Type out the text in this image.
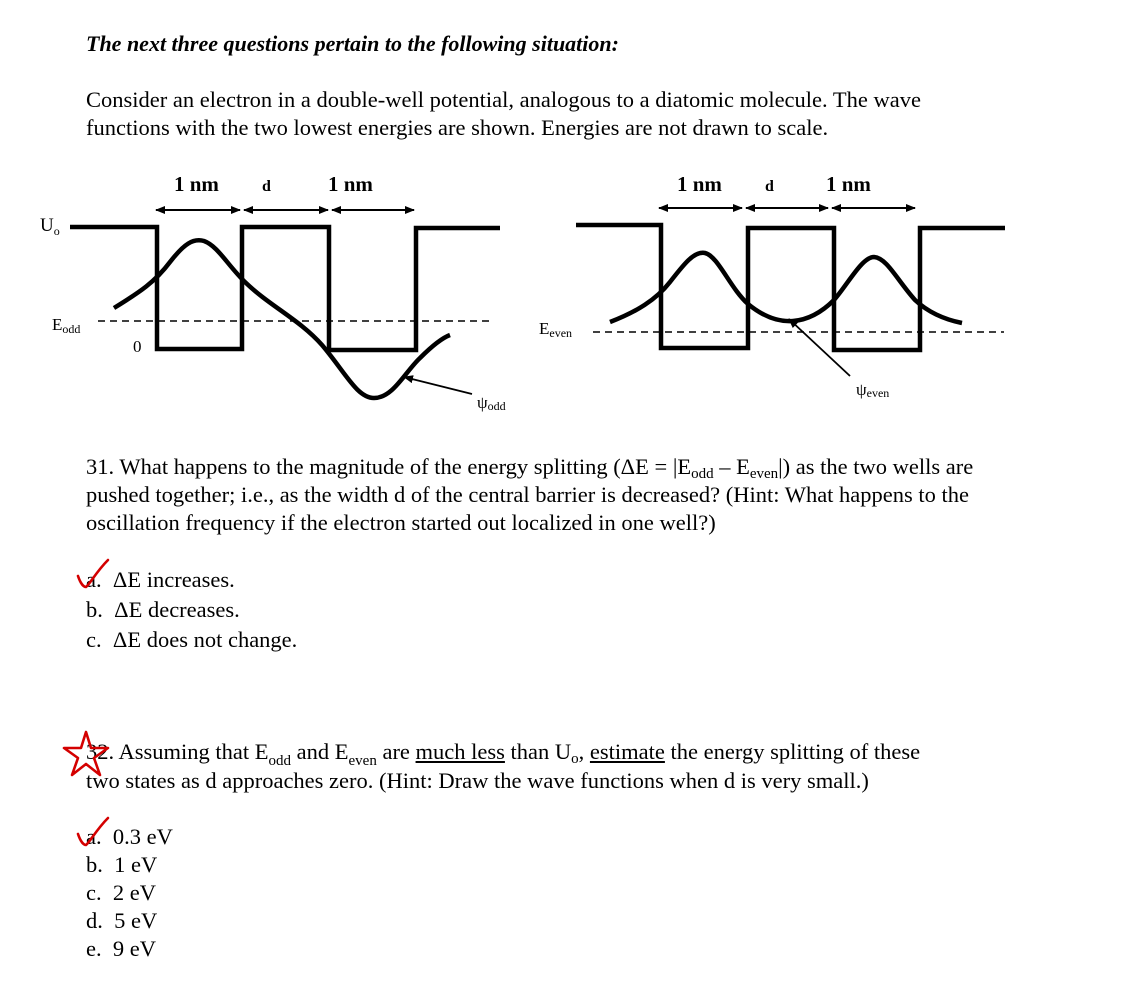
The next three questions pertain to the following situation:
Consider an electron in a double-well potential, analogous to a diatomic molecule. The wave
functions with the two lowest energies are shown. Energies are not drawn to scale.
1 nm	d	1 nm
$U_o$
Eodd
0
ψodd
1 nm	d 1 nm
Eeven
ψeven
31. What happens to the magnitude of the energy splitting $(\Delta E = |E_{odd} - E_{even}|)$ as the two wells are
pushed together; i.e., as the width d of the central barrier is decreased? (Hint: What happens to the
oscillation frequency if the electron started out localized in one well?)
a. ΔE increases.
b. ΔE decreases.
c. ΔE does not change.
32. Assuming that $E_{odd}$ and $E_{even}$ are much less than $U_o$, estimate the energy splitting of these
two states as d approaches zero. (Hint: Draw the wave functions when d is very small.)
a. 0.3 eV
b. 1 eV
c. 2 eV
d. 5 eV
e. 9 eV
